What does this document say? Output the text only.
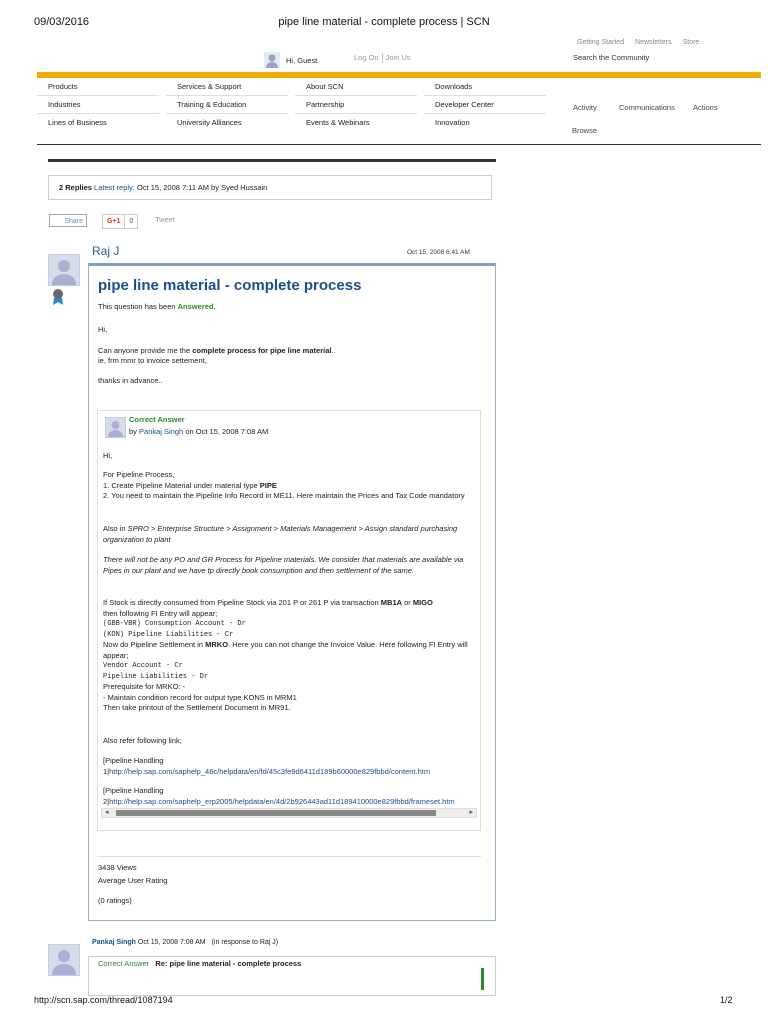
09/03/2016	pipe line material - complete process | SCN
Getting Started Newsletters Store
Search the Community
Hi, Guest	Log On Join Us
Products
Industries
Lines of Business
Services & Support
Training & Education
University Alliances
About SCN
Partnership
Events & Webinars
Downloads
Developer Center
Innovation
Activity	Communications Actions
Browse
2 Replies Latest reply: Oct 15, 2008 7:11 AM by Syed Hussain
Share	G+1	0	Tweet
Raj J	Oct 15, 2008 6:41 AM
pipe line material - complete process
This question has been Answered.
Hi,
Can anyone provide me the complete process for pipe line material..
ie, frm mmr to invoice settement,
thanks in advance..
Correct Answer
by Pankaj Singh on Oct 15, 2008 7:08 AM
Hi,
For Pipeline Process,
1. Create Pipeline Material under material type PIPE
2. You need to maintain the Pipeline Info Record in ME11. Here maintain the Prices and Tax Code mandatory
Also in SPRO > Enterprise Structure > Assignment > Materials Management > Assign standard purchasing organization to plant
There will not be any PO and GR Process for Pipeline materials. We consider that materials are available via Pipes in our plant and we have tp directly book consumption and then settlement of the same.
If Stock is directly consumed from Pipeline Stock via 201 P or 261 P via transaction MB1A or MIGO
then following FI Entry will appear;
(GBB-VBR) Consumption Account - Dr
(KON) Pipeline Liabilities - Cr
Now do Pipeline Settlement in MRKO. Here you can not change the Invoice Value. Here following FI Entry will appear;
Vendor Account - Cr
Pipeline Liabilities - Dr
Prerequisite for MRKO: -
- Maintain condition record for output type KONS in MRM1
Then take printout of the Settlement Document in MR91.
Also refer following link;
[Pipeline Handling
1|http://help.sap.com/saphelp_46c/helpdata/en/fd/45c3fe9d6411d189b60000e829fbbd/content.htm
[Pipeline Handling
2|http://help.sap.com/saphelp_erp2005/helpdata/en/4d/2b926443ad11d189410000e829fbbd/frameset.htm
◂	▸
3438 Views
Average User Rating
(0 ratings)
Pankaj Singh Oct 15, 2008 7:08 AM (in response to Raj J)
Correct Answer Re: pipe line material - complete process
http://scn.sap.com/thread/1087194	1/2
